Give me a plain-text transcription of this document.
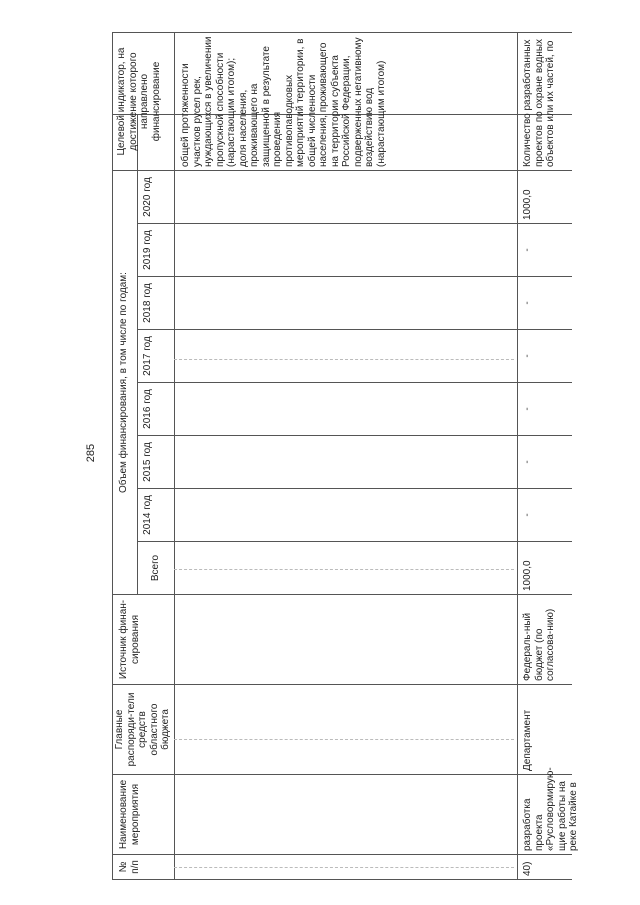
285
№ п/п
Наименование мероприятия
Главные распоряди-тели средств областного бюджета
Источник финан-сирования
Объем финансирования, в том числе по годам:
Всего
2014 год
2015 год
2016 год
2017 год
2018 год
2019 год
2020 год
Целевой индикатор, на достижение которого направлено финансирование	общей протяженности участков русел рек, нуждающихся в увеличении пропускной способности (нарастающим итогом); доля населения, проживающего на защищенной в результате проведения противопаводковых мероприятий территории, в общей численности населения, проживающего на территории субъекта Российской Федерации, подверженных негативному воздействию вод (нарастающим итогом)
40)
разработка проекта «Русловормирую-щие работы на реке Катайке в
Департамент
Федераль-ный бюджет (по согласова-нию)
1000,0
-
-
-
-
-
-
1000,0
Количество разработанных проектов по охране водных объектов или их частей, по
